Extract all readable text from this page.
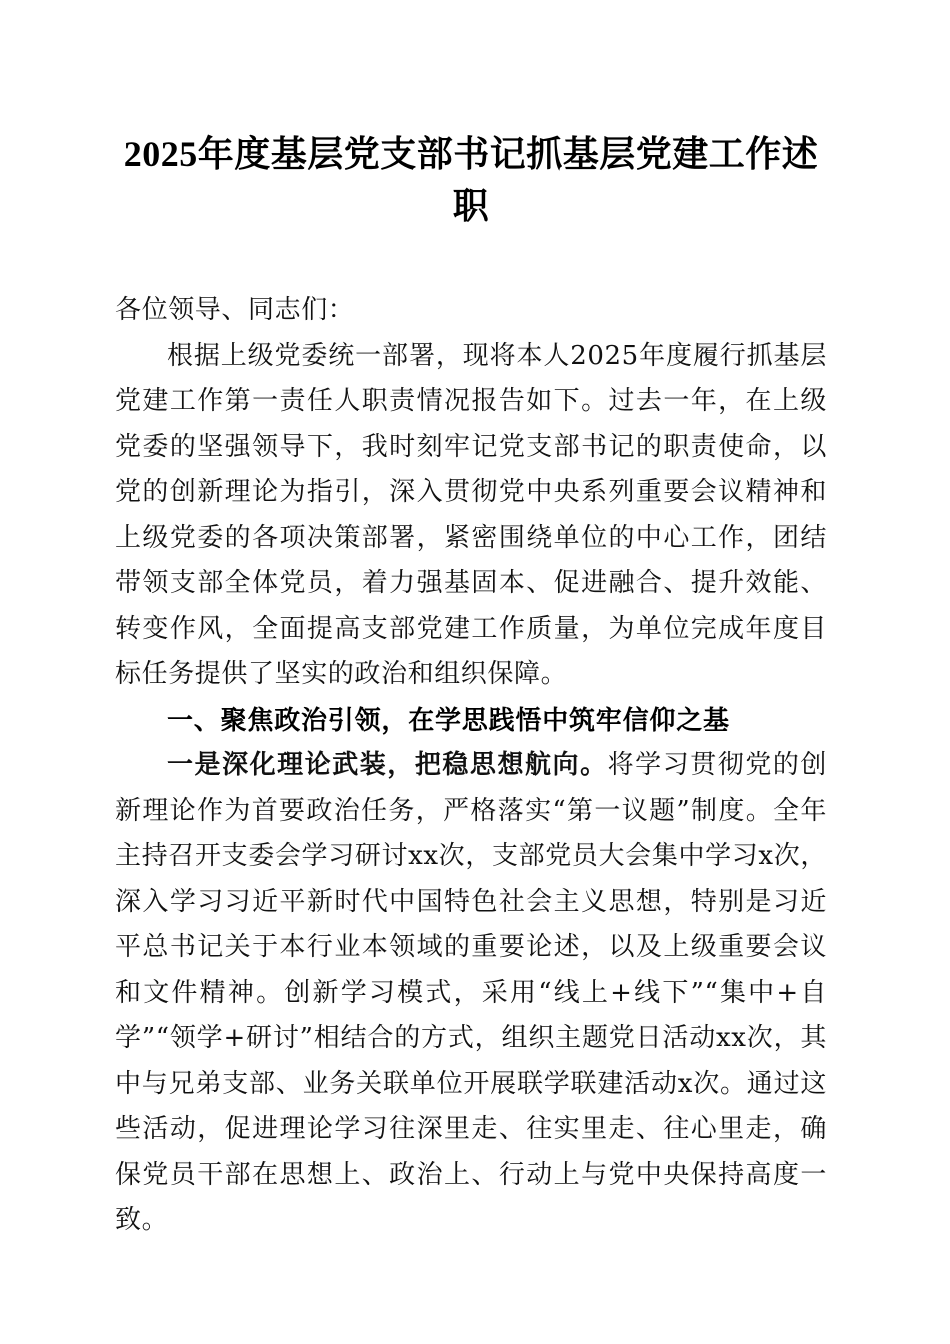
2025年度基层党支部书记抓基层党建工作述职

各位领导、同志们：

根据上级党委统一部署，现将本人2025年度履行抓基层党建工作第一责任人职责情况报告如下。过去一年，在上级党委的坚强领导下，我时刻牢记党支部书记的职责使命，以党的创新理论为指引，深入贯彻党中央系列重要会议精神和上级党委的各项决策部署，紧密围绕单位的中心工作，团结带领支部全体党员，着力强基固本、促进融合、提升效能、转变作风，全面提高支部党建工作质量，为单位完成年度目标任务提供了坚实的政治和组织保障。

一、聚焦政治引领，在学思践悟中筑牢信仰之基

一是深化理论武装，把稳思想航向。将学习贯彻党的创新理论作为首要政治任务，严格落实“第一议题”制度。全年主持召开支委会学习研讨xx次，支部党员大会集中学习x次，深入学习习近平新时代中国特色社会主义思想，特别是习近平总书记关于本行业本领域的重要论述，以及上级重要会议和文件精神。创新学习模式，采用“线上+线下”“集中+自学”“领学+研讨”相结合的方式，组织主题党日活动xx次，其中与兄弟支部、业务关联单位开展联学联建活动x次。通过这些活动，促进理论学习往深里走、往实里走、往心里走，确保党员干部在思想上、政治上、行动上与党中央保持高度一致。
